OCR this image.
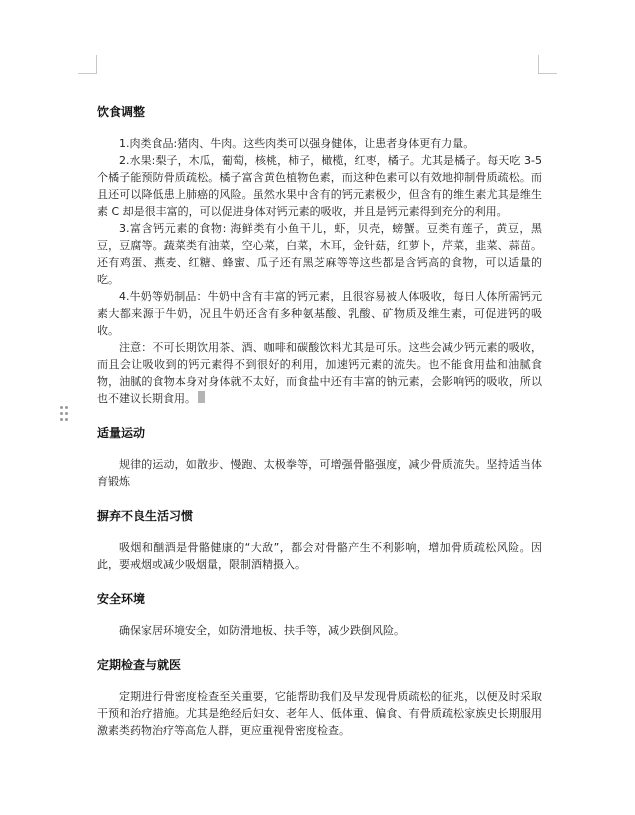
饮食调整

1.肉类食品:猪肉、牛肉。这些肉类可以强身健体，让患者身体更有力量。

2.水果:梨子，木瓜，葡萄，核桃，柿子，橄榄，红枣，橘子。尤其是橘子。每天吃 3-5 个橘子能预防骨质疏松。橘子富含黄色植物色素，而这种色素可以有效地抑制骨质疏松。而且还可以降低患上肺癌的风险。虽然水果中含有的钙元素极少，但含有的维生素尤其是维生素 C 却是很丰富的，可以促进身体对钙元素的吸收，并且是钙元素得到充分的利用。

3.富含钙元素的食物: 海鲜类有小鱼干儿，虾，贝壳，螃蟹。豆类有莲子，黄豆，黑豆，豆腐等。蔬菜类有油菜，空心菜，白菜，木耳，金针菇，红萝卜，芹菜，韭菜、蒜苗。还有鸡蛋、燕麦、红糖、蜂蜜、瓜子还有黑芝麻等等这些都是含钙高的食物，可以适量的吃。

4.牛奶等奶制品：牛奶中含有丰富的钙元素，且很容易被人体吸收，每日人体所需钙元素大都来源于牛奶，况且牛奶还含有多种氨基酸、乳酸、矿物质及维生素，可促进钙的吸收。

注意：不可长期饮用茶、酒、咖啡和碳酸饮料尤其是可乐。这些会减少钙元素的吸收，而且会让吸收到的钙元素得不到很好的利用，加速钙元素的流失。也不能食用盐和油腻食物，油腻的食物本身对身体就不太好，而食盐中还有丰富的钠元素，会影响钙的吸收，所以也不建议长期食用。

适量运动

规律的运动，如散步、慢跑、太极拳等，可增强骨骼强度，减少骨质流失。坚持适当体育锻炼

摒弃不良生活习惯

吸烟和酗酒是骨骼健康的“大敌”，都会对骨骼产生不利影响，增加骨质疏松风险。因此，要戒烟或减少吸烟量，限制酒精摄入。

安全环境

确保家居环境安全，如防滑地板、扶手等，减少跌倒风险。

定期检查与就医

定期进行骨密度检查至关重要，它能帮助我们及早发现骨质疏松的征兆，以便及时采取干预和治疗措施。尤其是绝经后妇女、老年人、低体重、偏食、有骨质疏松家族史长期服用激素类药物治疗等高危人群，更应重视骨密度检查。
